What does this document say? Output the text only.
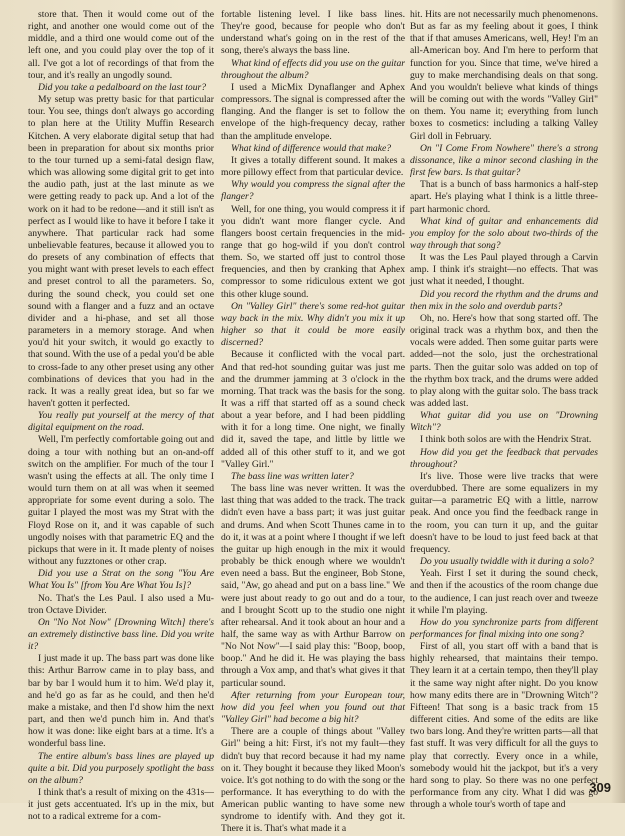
store that. Then it would come out of the right, and another one would come out of the middle, and a third one would come out of the left one, and you could play over the top of it all. I've got a lot of recordings of that from the tour, and it's really an ungodly sound.

Did you take a pedalboard on the last tour?

My setup was pretty basic for that particular tour. You see, things don't always go according to plan here at the Utility Muffin Research Kitchen. A very elaborate digital setup that had been in preparation for about six months prior to the tour turned up a semi-fatal design flaw, which was allowing some digital grit to get into the audio path, just at the last minute as we were getting ready to pack up. And a lot of the work on it had to be redone—and it still isn't as perfect as I would like to have it before I take it anywhere. That particular rack had some unbelievable features, because it allowed you to do presets of any combination of effects that you might want with preset levels to each effect and preset control to all the parameters. So, during the sound check, you could set one sound with a flanger and a fuzz and an octave divider and a hi-phase, and set all those parameters in a memory storage. And when you'd hit your switch, it would go exactly to that sound. With the use of a pedal you'd be able to cross-fade to any other preset using any other combinations of devices that you had in the rack. It was a really great idea, but so far we haven't gotten it perfected.

You really put yourself at the mercy of that digital equipment on the road.

Well, I'm perfectly comfortable going out and doing a tour with nothing but an on-and-off switch on the amplifier. For much of the tour I wasn't using the effects at all. The only time I would turn them on at all was when it seemed appropriate for some event during a solo. The guitar I played the most was my Strat with the Floyd Rose on it, and it was capable of such ungodly noises with that parametric EQ and the pickups that were in it. It made plenty of noises without any fuzztones or other crap.

Did you use a Strat on the song "You Are What You Is" [from You Are What You Is]?

No. That's the Les Paul. I also used a Mu-tron Octave Divider.

On "No Not Now" [Drowning Witch] there's an extremely distinctive bass line. Did you write it?

I just made it up. The bass part was done like this: Arthur Barrow came in to play bass, and bar by bar I would hum it to him. We'd play it, and he'd go as far as he could, and then he'd make a mistake, and then I'd show him the next part, and then we'd punch him in. And that's how it was done: like eight bars at a time. It's a wonderful bass line.

The entire album's bass lines are played up quite a bit. Did you purposely spotlight the bass on the album?

I think that's a result of mixing on the 431s—it just gets accentuated. It's up in the mix, but not to a radical extreme for a com-

fortable listening level. I like bass lines. They're good, because for people who don't understand what's going on in the rest of the song, there's always the bass line.

What kind of effects did you use on the guitar throughout the album?

I used a MicMix Dynaflanger and Aphex compressors. The signal is compressed after the flanging. And the flanger is set to follow the envelope of the high-frequency decay, rather than the amplitude envelope.

What kind of difference would that make?

It gives a totally different sound. It makes a more pillowy effect from that particular device.

Why would you compress the signal after the flanger?

Well, for one thing, you would compress it if you didn't want more flanger cycle. And flangers boost certain frequencies in the mid-range that go hog-wild if you don't control them. So, we started off just to control those frequencies, and then by cranking that Aphex compressor to some ridiculous extent we got this other kluge sound.

On "Valley Girl" there's some red-hot guitar way back in the mix. Why didn't you mix it up higher so that it could be more easily discerned?

Because it conflicted with the vocal part. And that red-hot sounding guitar was just me and the drummer jamming at 3 o'clock in the morning. That track was the basis for the song. It was a riff that started off as a sound check about a year before, and I had been piddling with it for a long time. One night, we finally did it, saved the tape, and little by little we added all of this other stuff to it, and we got "Valley Girl."

The bass line was written later?

The bass line was never written. It was the last thing that was added to the track. The track didn't even have a bass part; it was just guitar and drums. And when Scott Thunes came in to do it, it was at a point where I thought if we left the guitar up high enough in the mix it would probably be thick enough where we wouldn't even need a bass. But the engineer, Bob Stone, said, "Aw, go ahead and put on a bass line." We were just about ready to go out and do a tour, and I brought Scott up to the studio one night after rehearsal. And it took about an hour and a half, the same way as with Arthur Barrow on "No Not Now"—I said play this: "Boop, boop, boop." And he did it. He was playing the bass through a Vox amp, and that's what gives it that particular sound.

After returning from your European tour, how did you feel when you found out that "Valley Girl" had become a big hit?

There are a couple of things about "Valley Girl" being a hit: First, it's not my fault—they didn't buy that record because it had my name on it. They bought it because they liked Moon's voice. It's got nothing to do with the song or the performance. It has everything to do with the American public wanting to have some new syndrome to identify with. And they got it. There it is. That's what made it a

hit. Hits are not necessarily much phenomenons. But as far as my feeling about it goes, I think that if that amuses Americans, well, Hey! I'm an all-American boy. And I'm here to perform that function for you. Since that time, we've hired a guy to make merchandising deals on that song. And you wouldn't believe what kinds of things will be coming out with the words "Valley Girl" on them. You name it; everything from lunch boxes to cosmetics: including a talking Valley Girl doll in February.

On "I Come From Nowhere" there's a strong dissonance, like a minor second clashing in the first few bars. Is that guitar?

That is a bunch of bass harmonics a half-step apart. He's playing what I think is a little three-part harmonic chord.

What kind of guitar and enhancements did you employ for the solo about two-thirds of the way through that song?

It was the Les Paul played through a Carvin amp. I think it's straight—no effects. That was just what it needed, I thought.

Did you record the rhythm and the drums and then mix in the solo and overdub parts?

Oh, no. Here's how that song started off. The original track was a rhythm box, and then the vocals were added. Then some guitar parts were added—not the solo, just the orchestrational parts. Then the guitar solo was added on top of the rhythm box track, and the drums were added to play along with the guitar solo. The bass track was added last.

What guitar did you use on "Drowning Witch"?

I think both solos are with the Hendrix Strat.

How did you get the feedback that pervades throughout?

It's live. Those were live tracks that were overdubbed. There are some equalizers in my guitar—a parametric EQ with a little, narrow peak. And once you find the feedback range in the room, you can turn it up, and the guitar doesn't have to be loud to just feed back at that frequency.

Do you usually twiddle with it during a solo?

Yeah. First I set it during the sound check, and then if the acoustics of the room change due to the audience, I can just reach over and tweeze it while I'm playing.

How do you synchronize parts from different performances for final mixing into one song?

First of all, you start off with a band that is highly rehearsed, that maintains their tempo. They learn it at a certain tempo, then they'll play it the same way night after night. Do you know how many edits there are in "Drowning Witch"? Fifteen! That song is a basic track from 15 different cities. And some of the edits are like two bars long. And they're written parts—all that fast stuff. It was very difficult for all the guys to play that correctly. Every once in a while, somebody would hit the jackpot, but it's a very hard song to play. So there was no one perfect performance from any city. What I did was go through a whole tour's worth of tape and

309
